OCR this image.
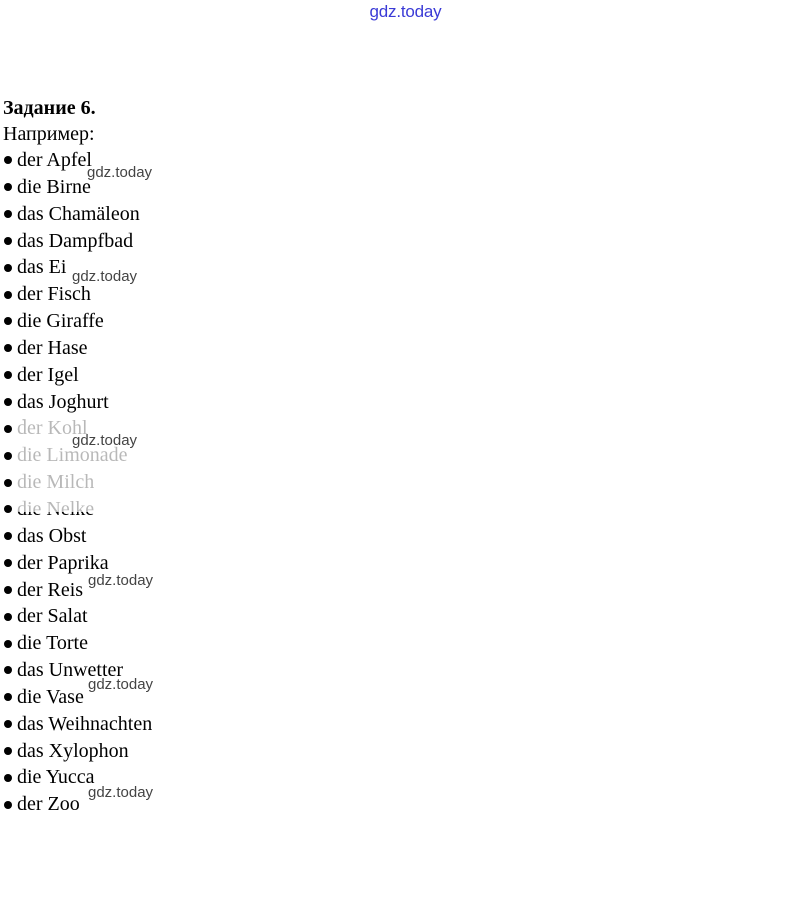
gdz.today

Задание 6.

Например:

der Apfel
die Birne
das Chamäleon
das Dampfbad
das Ei
der Fisch
die Giraffe
der Hase
der Igel
das Joghurt
das Obst
der Paprika
der Reis
der Salat
die Torte
das Unwetter
die Vase
das Weihnachten
das Xylophon
die Yucca
der Zoo
gdz.today
gdz.today
gdz.today
gdz.today
gdz.today
gdz.today
